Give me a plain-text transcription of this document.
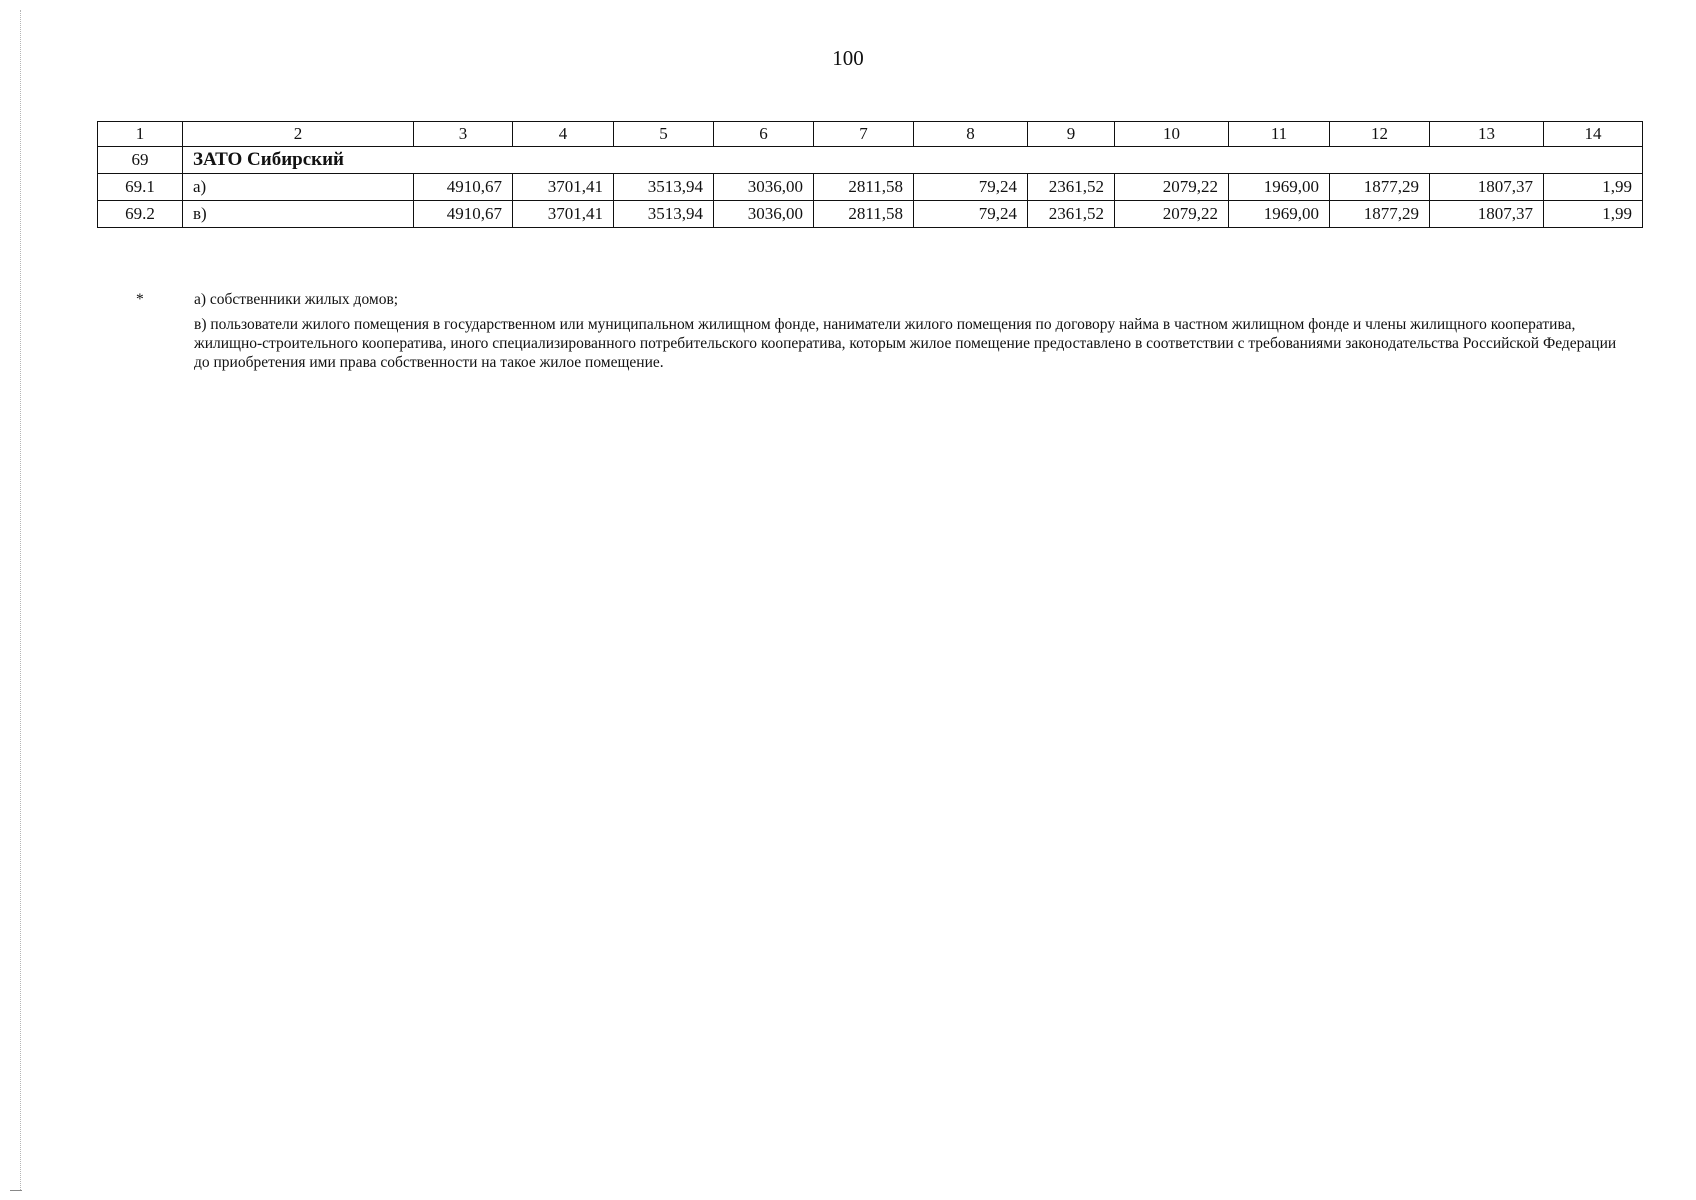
100
1	2	3	4	5	6	7	8	9	10	11	12	13	14
69	ЗАТО Сибирский												
69.1	а)	4910,67	3701,41	3513,94	3036,00	2811,58	79,24	2361,52	2079,22	1969,00	1877,29	1807,37	1,99
69.2	в)	4910,67	3701,41	3513,94	3036,00	2811,58	79,24	2361,52	2079,22	1969,00	1877,29	1807,37	1,99
*	а) собственники жилых домов;

в) пользователи жилого помещения в государственном или муниципальном жилищном фонде, наниматели жилого помещения по договору найма в частном жилищном фонде и члены жилищного кооператива, жилищно-строительного кооператива, иного специализированного потребительского кооператива, которым жилое помещение предоставлено в соответствии с требованиями законодательства Российской Федерации до приобретения ими права собственности на такое жилое помещение.
